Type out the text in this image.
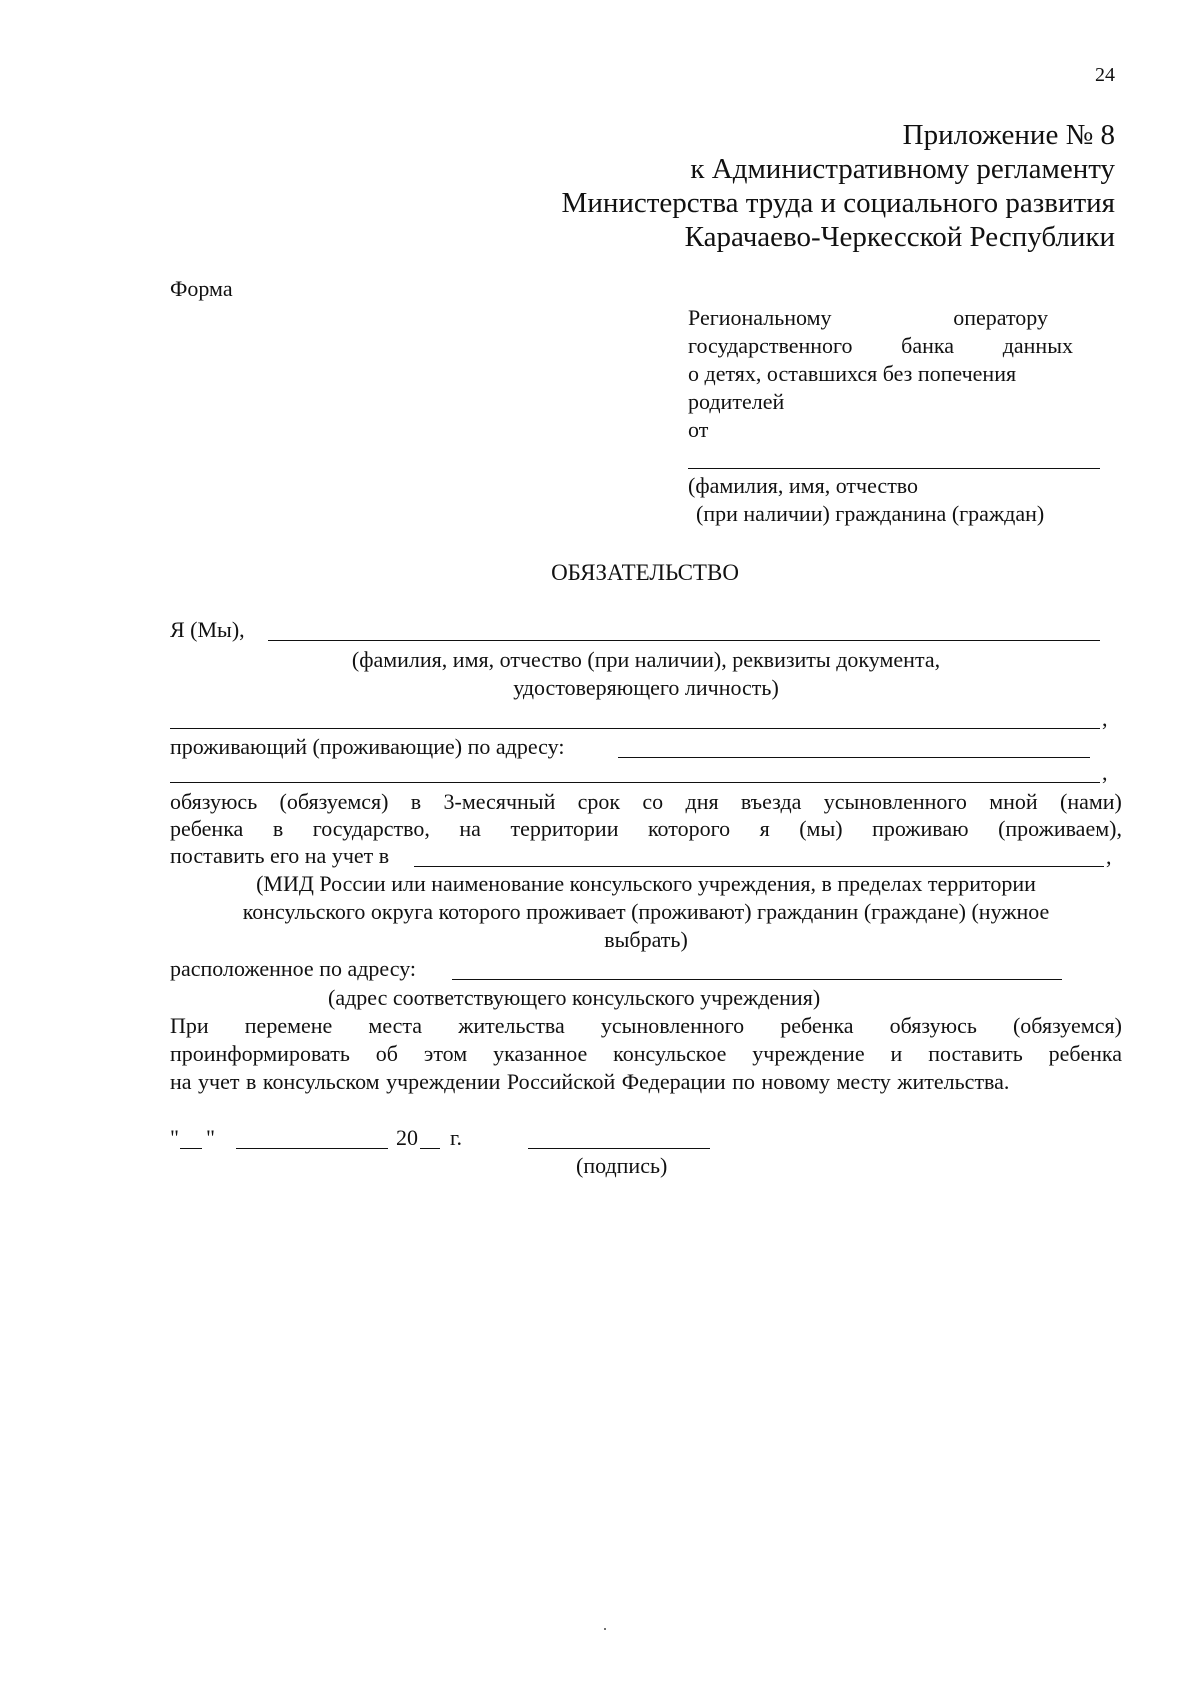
24
Приложение № 8
к Административному регламенту
Министерства труда и социального развития
Карачаево-Черкесской Республики
Форма
Региональному	оператору
государственного банка данных
о детях, оставшихся без попечения
родителей
от
(фамилия, имя, отчество
(при наличии) гражданина (граждан)
ОБЯЗАТЕЛЬСТВО
Я (Мы),
(фамилия, имя, отчество (при наличии), реквизиты документа,
удостоверяющего личность)
,
проживающий (проживающие) по адресу:
,
обязуюсь (обязуемся) в 3-месячный срок со дня въезда усыновленного мной (нами)
ребенка в государство, на территории которого я (мы) проживаю (проживаем),
поставить его на учет в	,
(МИД России или наименование консульского учреждения, в пределах территории
консульского округа которого проживает (проживают) гражданин (граждане) (нужное
выбрать)
расположенное по адресу:
(адрес соответствующего консульского учреждения)
При перемене места жительства усыновленного ребенка обязуюсь (обязуемся)
проинформировать об этом указанное консульское учреждение и поставить ребенка
на учет в консульском учреждении Российской Федерации по новому месту жительства.
" "	20 г.
(подпись)
